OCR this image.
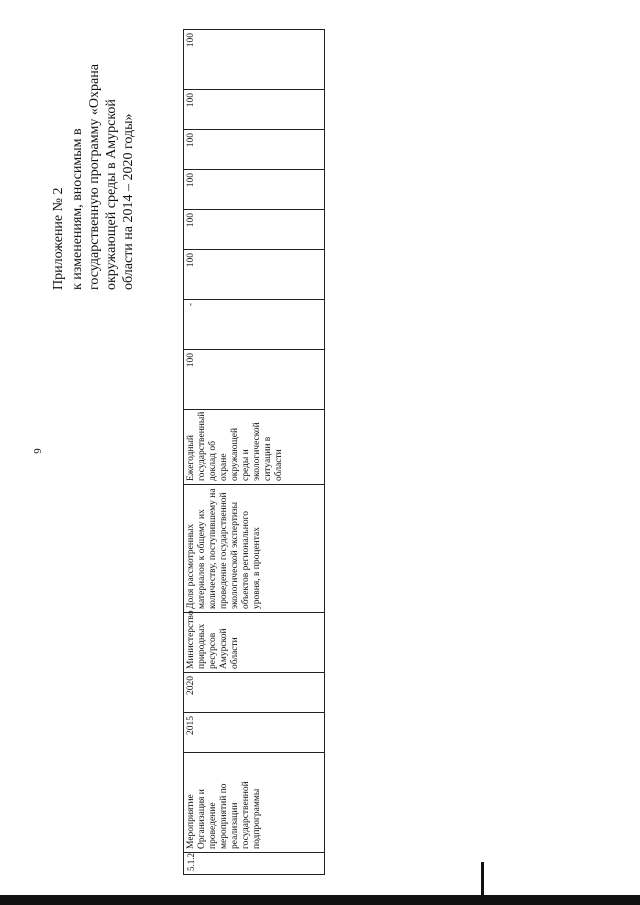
6

Приложение № 2 к изменениям, вносимым в государственную программу «Охрана окружающей среды в Амурской области на 2014 – 2020 годы»

5.1.2	Мероприятие Организация и проведение мероприятий по реализации государственной подпрограммы	2015	2020	Министерство природных ресурсов Амурской области	Доля рассмотренных материалов к общему их количеству, поступившему на проведение государственной экологической экспертизы объектов регионального уровня, в процентах	Ежегодный государственный доклад об охране окружающей среды и экологической ситуации в области	100	-	100	100	100	100	100	100
